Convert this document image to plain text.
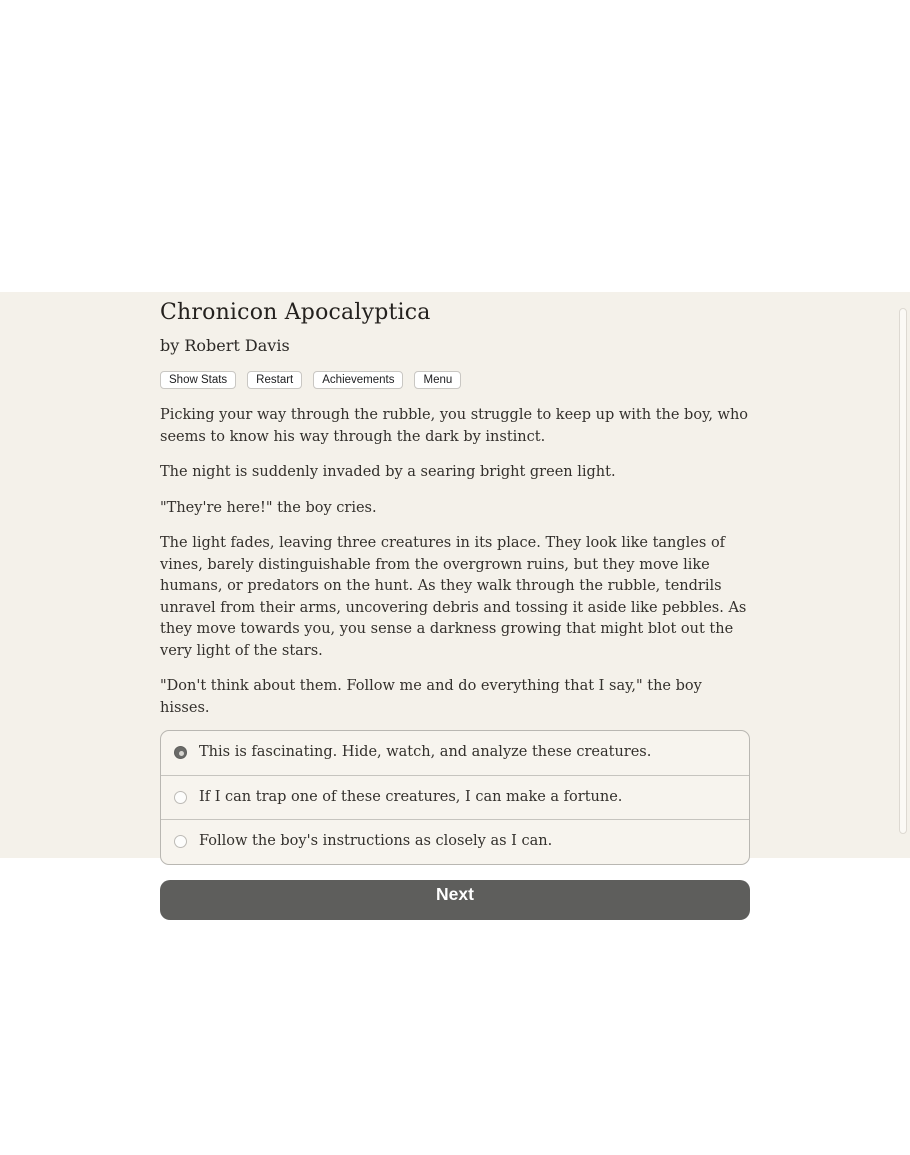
Chronicon Apocalyptica
by Robert Davis
Show Stats	Restart	Achievements	Menu

Picking your way through the rubble, you struggle to keep up with the boy, who seems to know his way through the dark by instinct.

The night is suddenly invaded by a searing bright green light.

"They're here!" the boy cries.

The light fades, leaving three creatures in its place. They look like tangles of vines, barely distinguishable from the overgrown ruins, but they move like humans, or predators on the hunt. As they walk through the rubble, tendrils unravel from their arms, uncovering debris and tossing it aside like pebbles. As they move towards you, you sense a darkness growing that might blot out the very light of the stars.

"Don't think about them. Follow me and do everything that I say," the boy hisses.

This is fascinating. Hide, watch, and analyze these creatures.
If I can trap one of these creatures, I can make a fortune.
Follow the boy's instructions as closely as I can.
Next
